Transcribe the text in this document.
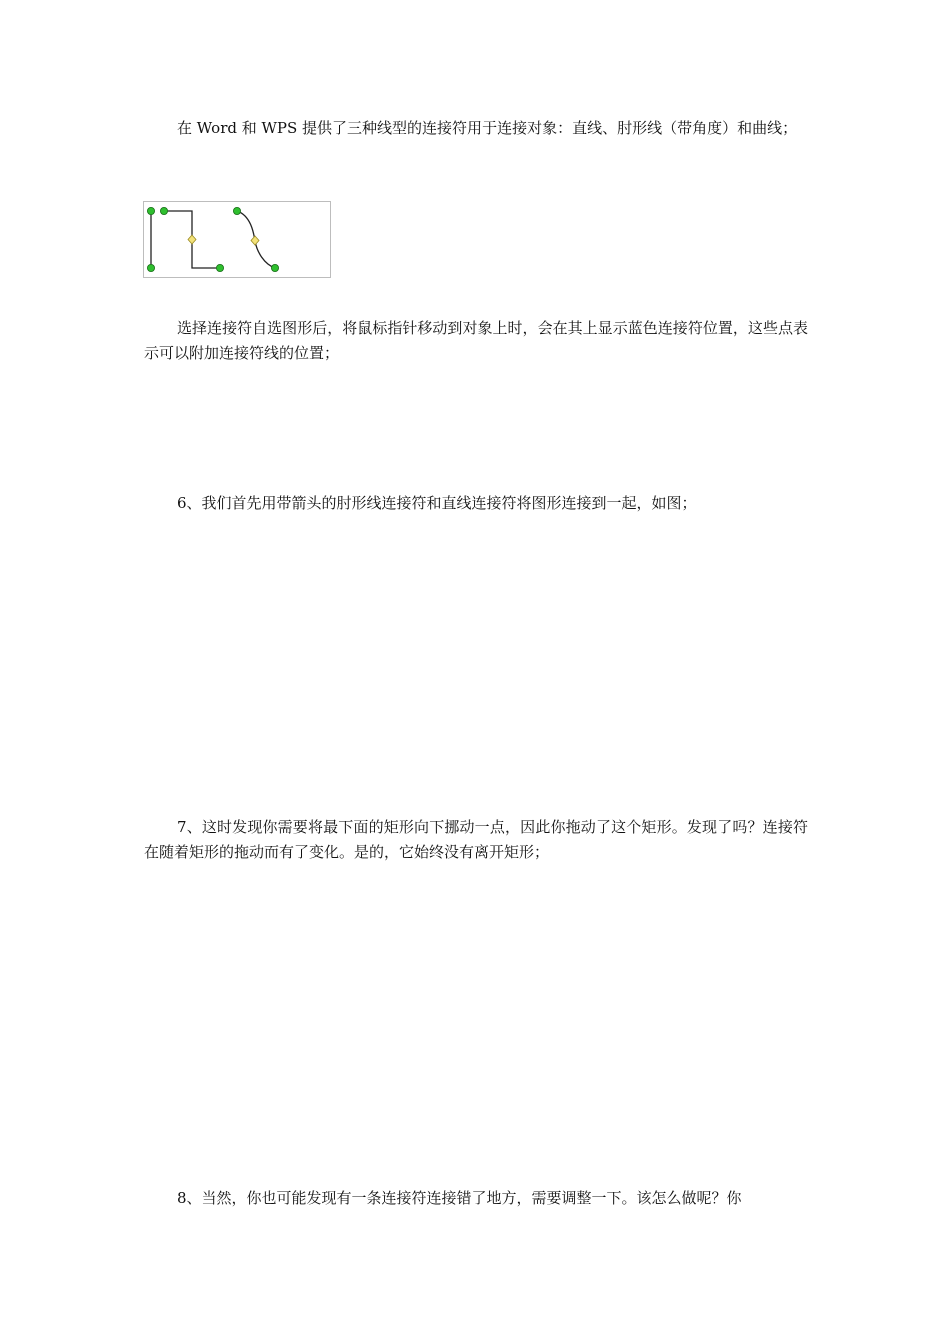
在 Word 和 WPS 提供了三种线型的连接符用于连接对象：直线、肘形线（带角度）和曲线；

选择连接符自选图形后，将鼠标指针移动到对象上时，会在其上显示蓝色连接符位置，这些点表示可以附加连接符线的位置；

6、我们首先用带箭头的肘形线连接符和直线连接符将图形连接到一起，如图；

7、这时发现你需要将最下面的矩形向下挪动一点，因此你拖动了这个矩形。发现了吗？连接符在随着矩形的拖动而有了变化。是的，它始终没有离开矩形；

8、当然，你也可能发现有一条连接符连接错了地方，需要调整一下。该怎么做呢？你
